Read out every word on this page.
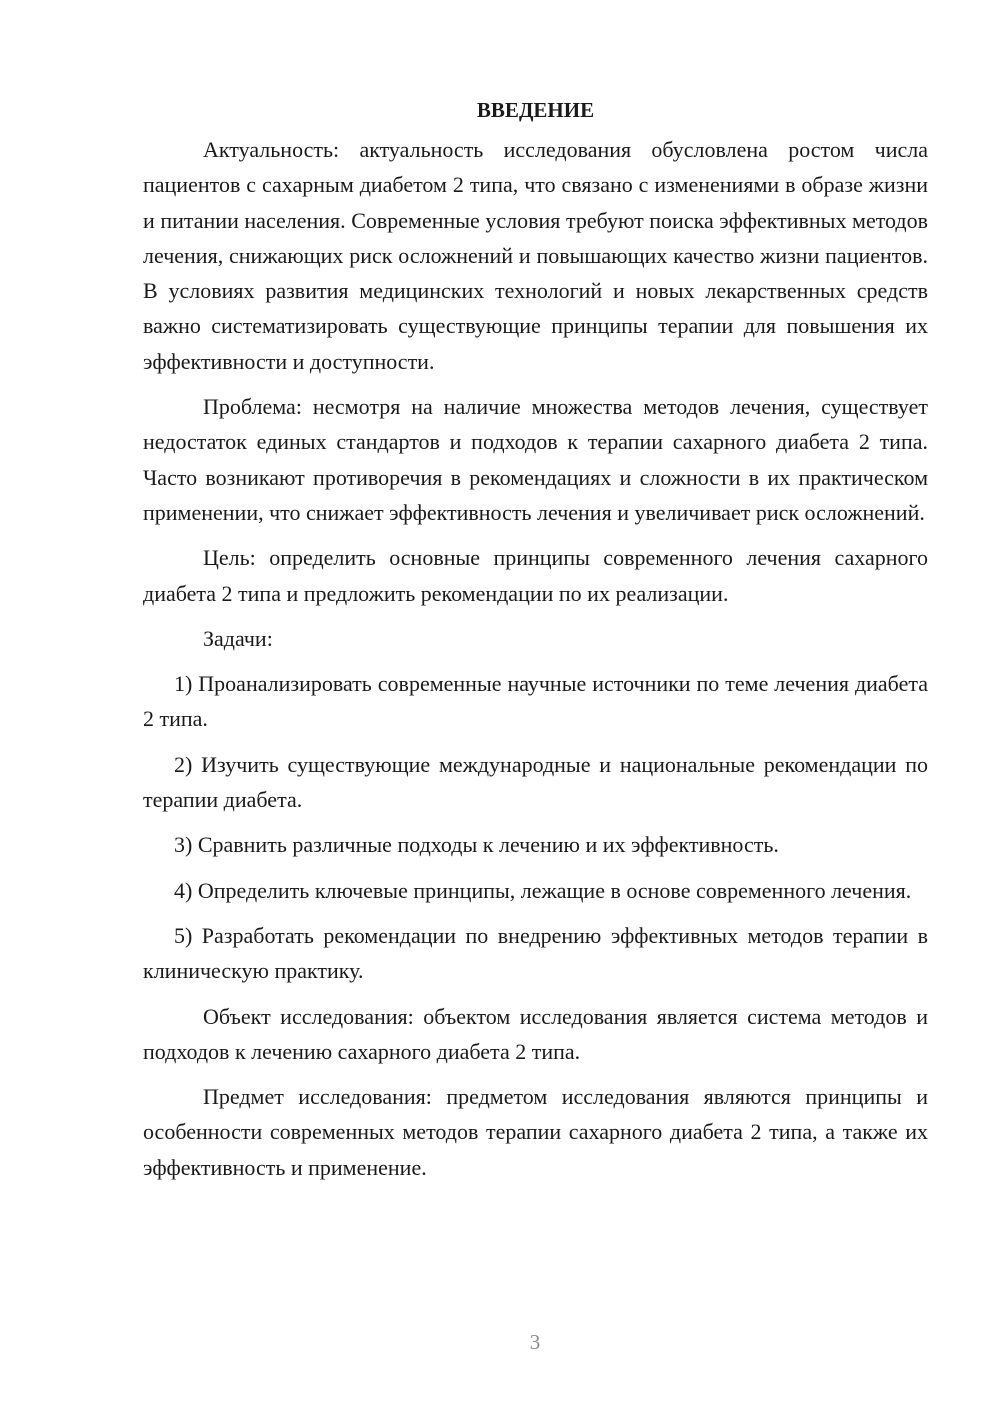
ВВЕДЕНИЕ

Актуальность: актуальность исследования обусловлена ростом числа пациентов с сахарным диабетом 2 типа, что связано с изменениями в образе жизни и питании населения. Современные условия требуют поиска эффективных методов лечения, снижающих риск осложнений и повышающих качество жизни пациентов. В условиях развития медицинских технологий и новых лекарственных средств важно систематизировать существующие принципы терапии для повышения их эффективности и доступности.

Проблема: несмотря на наличие множества методов лечения, существует недостаток единых стандартов и подходов к терапии сахарного диабета 2 типа. Часто возникают противоречия в рекомендациях и сложности в их практическом применении, что снижает эффективность лечения и увеличивает риск осложнений.

Цель: определить основные принципы современного лечения сахарного диабета 2 типа и предложить рекомендации по их реализации.

Задачи:

1) Проанализировать современные научные источники по теме лечения диабета 2 типа.

2) Изучить существующие международные и национальные рекомендации по терапии диабета.

3) Сравнить различные подходы к лечению и их эффективность.

4) Определить ключевые принципы, лежащие в основе современного лечения.

5) Разработать рекомендации по внедрению эффективных методов терапии в клиническую практику.

Объект исследования: объектом исследования является система методов и подходов к лечению сахарного диабета 2 типа.

Предмет исследования: предметом исследования являются принципы и особенности современных методов терапии сахарного диабета 2 типа, а также их эффективность и применение.

3
